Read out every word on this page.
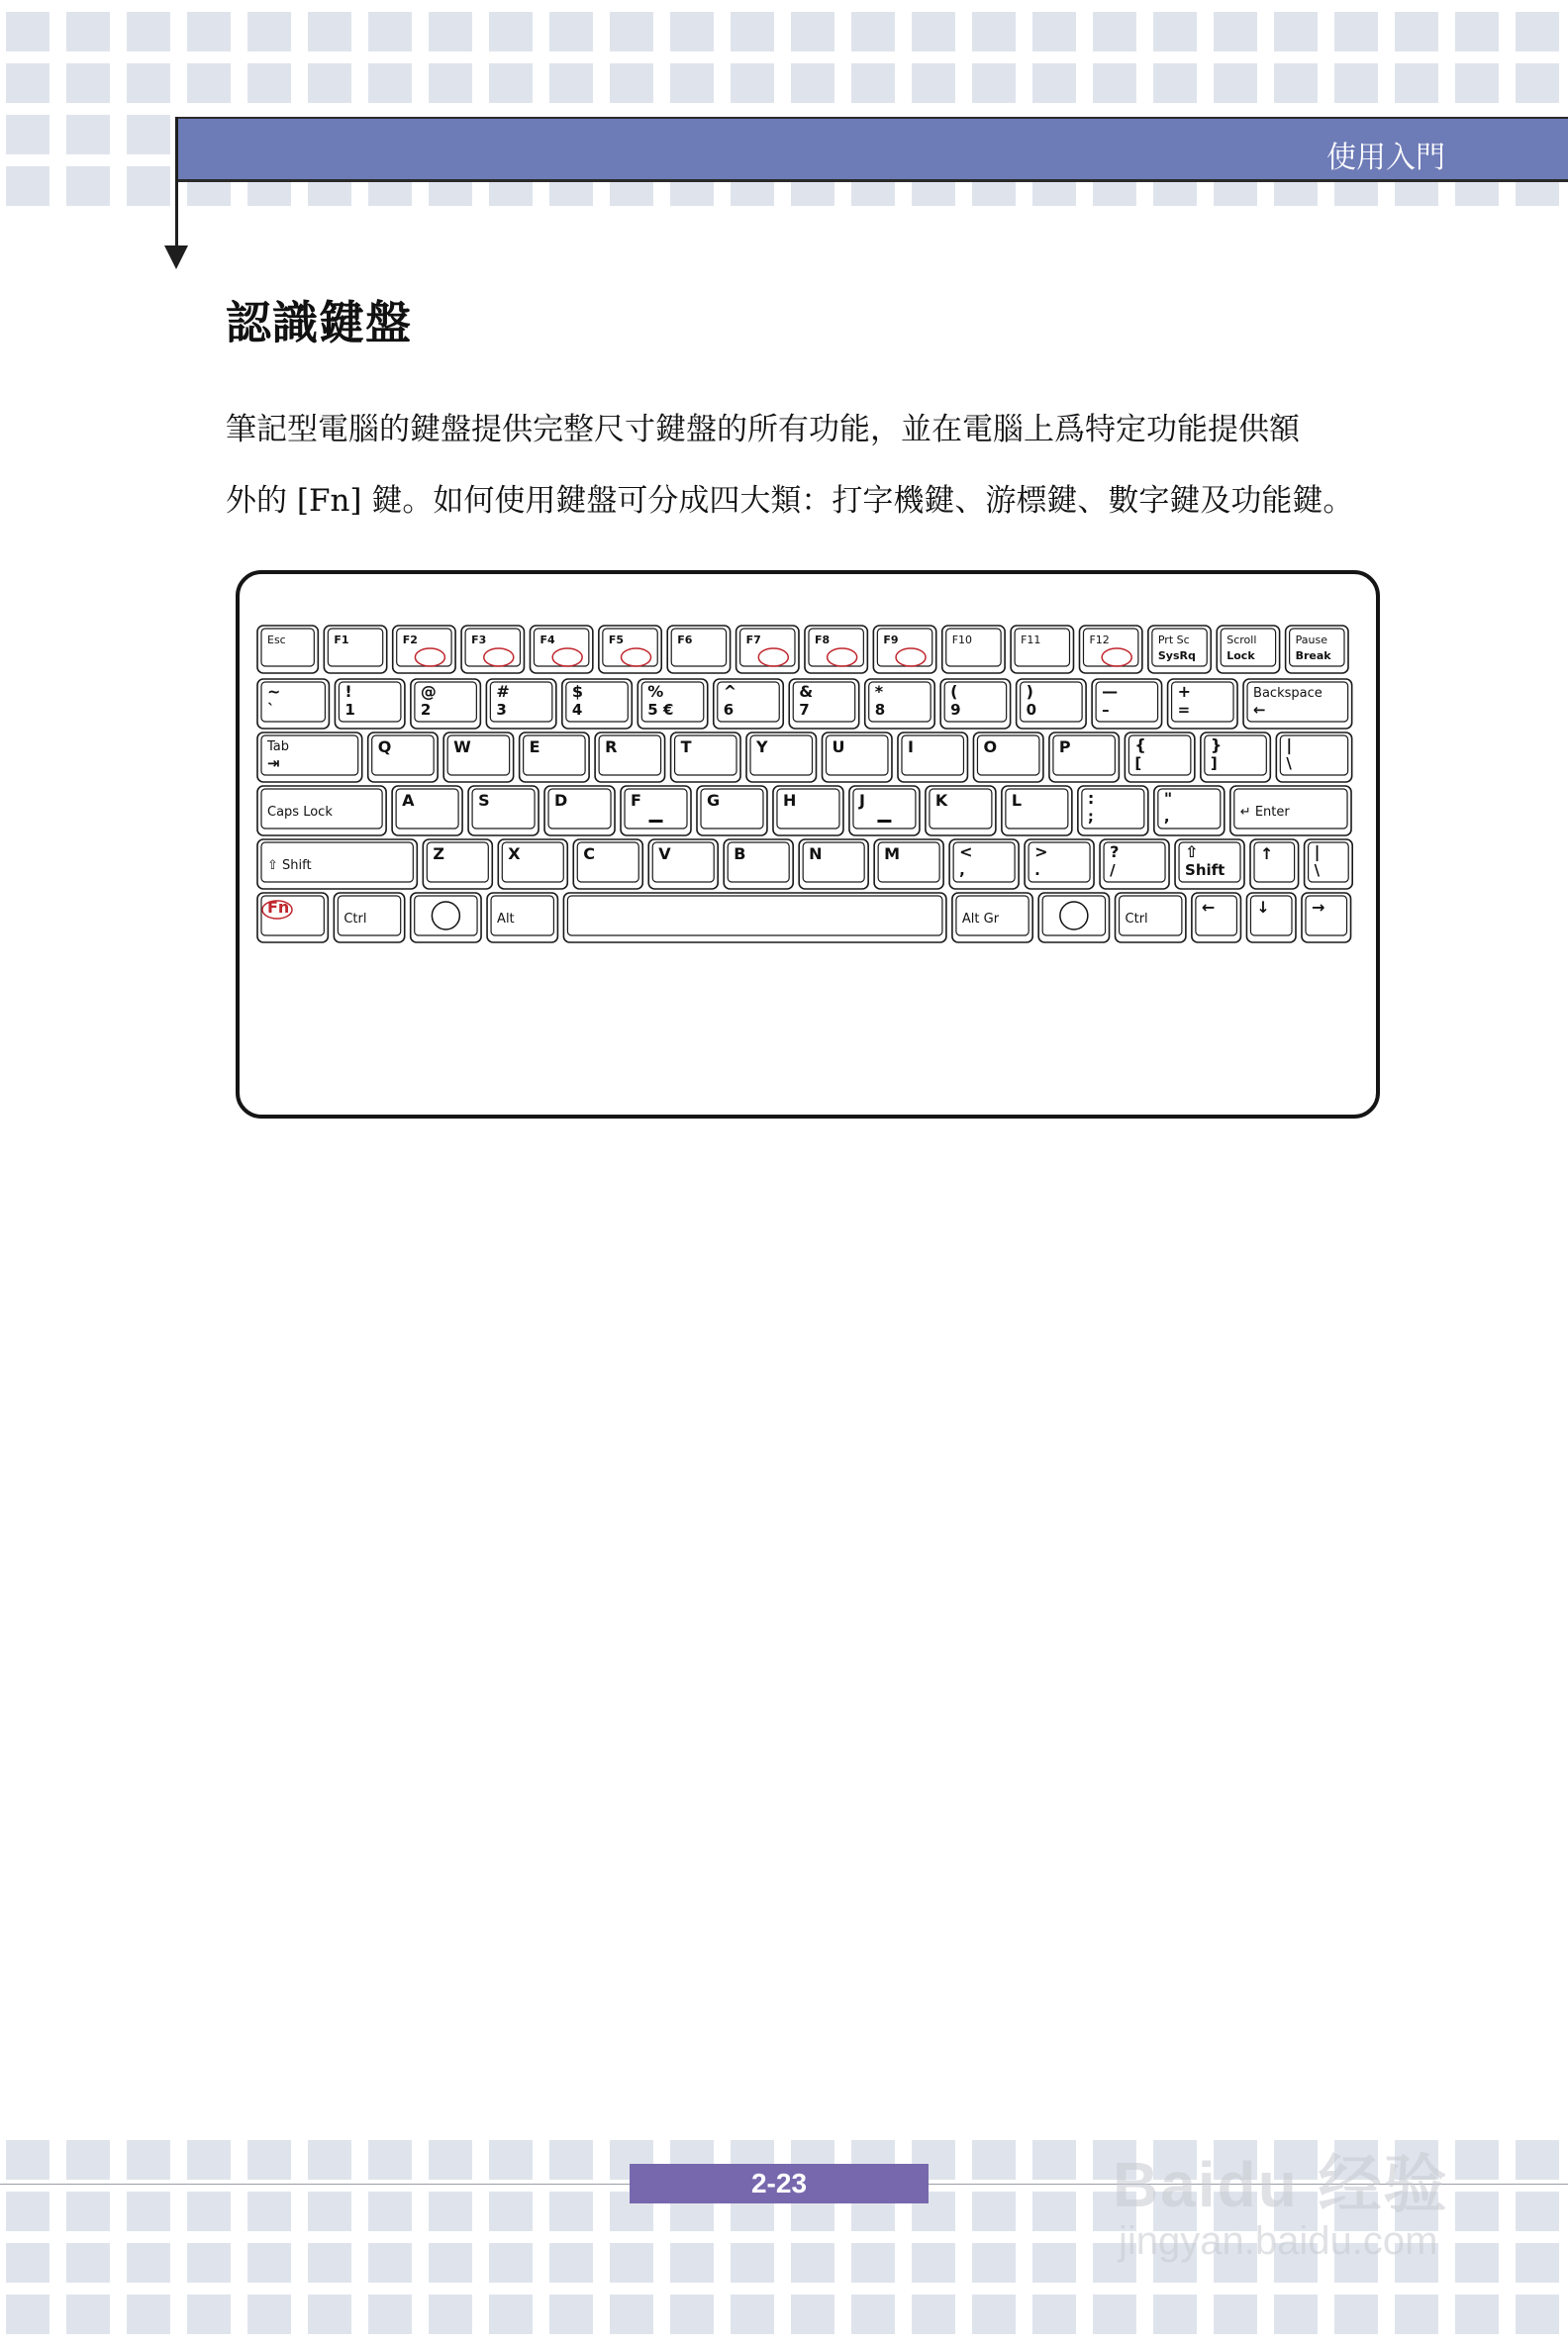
使用入門
認識鍵盤
筆記型電腦的鍵盤提供完整尺寸鍵盤的所有功能，並在電腦上爲特定功能提供額
外的 [Fn] 鍵。如何使用鍵盤可分成四大類：打字機鍵、游標鍵、數字鍵及功能鍵。
Esc	F1	F2	F3	F4	F5	F6	F7	F8	F9	F10	F11	F12	Prt Sc
SysRq
Scroll
Lock
Pause
Break
~
`
!
1
@
2
#
3
$
4
%
5 €
^
6
&
7
*
8
(
9
)
0
—
–
+
=
Backspace
←
Tab
⇥
Q	W	E	R	T	Y	U	I	O	P	{
[
}
]
|
\
Caps Lock
A	S	D	F	G	H	J	K	L	:
;
"
,	↵ Enter
⇧ Shift
Z	X	C	V	B	N	M	<
,
>
.
?
/
⇧
Shift
↑	|
\
Fn
Ctrl	Alt	Alt Gr	Ctrl
←	↓	→
2-23	Baidu 经验
jingyan.baidu.com
